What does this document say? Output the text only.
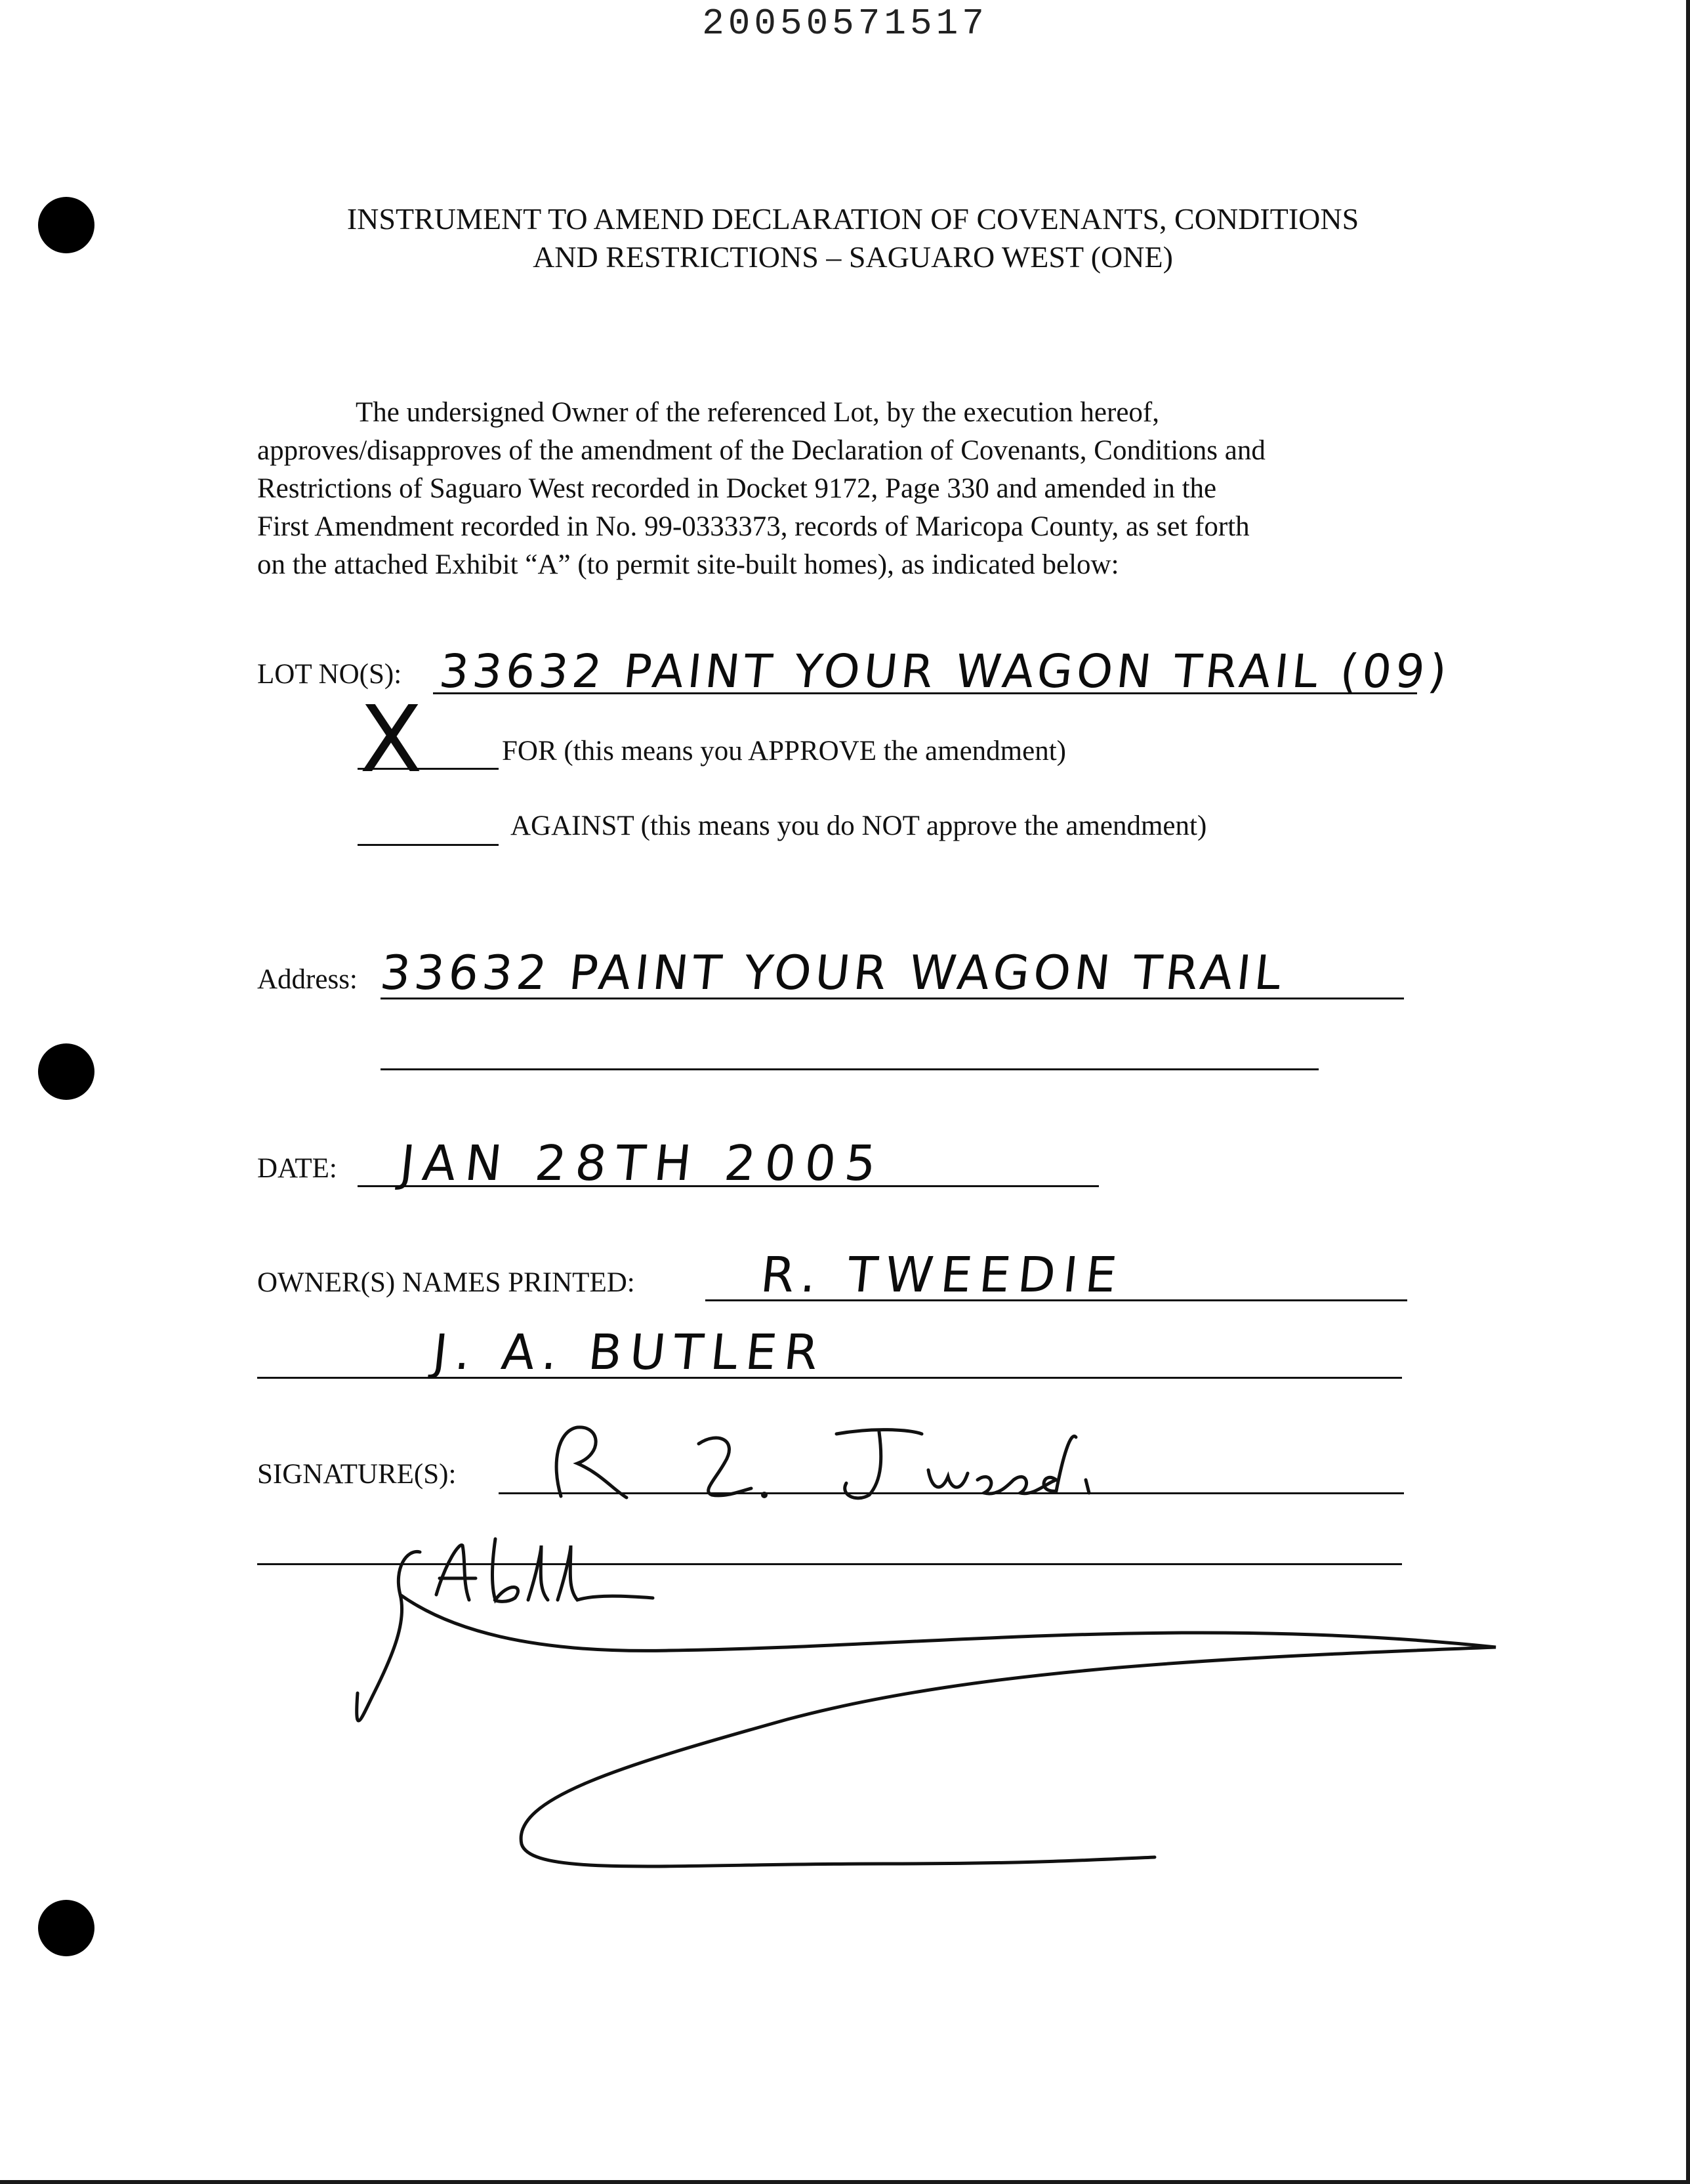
20050571517
INSTRUMENT TO AMEND DECLARATION OF COVENANTS, CONDITIONS
AND RESTRICTIONS – SAGUARO WEST (ONE)
The undersigned Owner of the referenced Lot, by the execution hereof,
approves/disapproves of the amendment of the Declaration of Covenants, Conditions and
Restrictions of Saguaro West recorded in Docket 9172, Page 330 and amended in the
First Amendment recorded in No. 99-0333373, records of Maricopa County, as set forth
on the attached Exhibit “A” (to permit site-built homes), as indicated below:
LOT NO(S): 33632 PAINT YOUR WAGON TRAIL (09)
X	FOR (this means you APPROVE the amendment)
AGAINST (this means you do NOT approve the amendment)
Address: 33632 PAINT YOUR WAGON TRAIL
DATE: JAN 28TH 2005
OWNER(S) NAMES PRINTED:	R. TWEEDIE
J. A. BUTLER
SIGNATURE(S):
